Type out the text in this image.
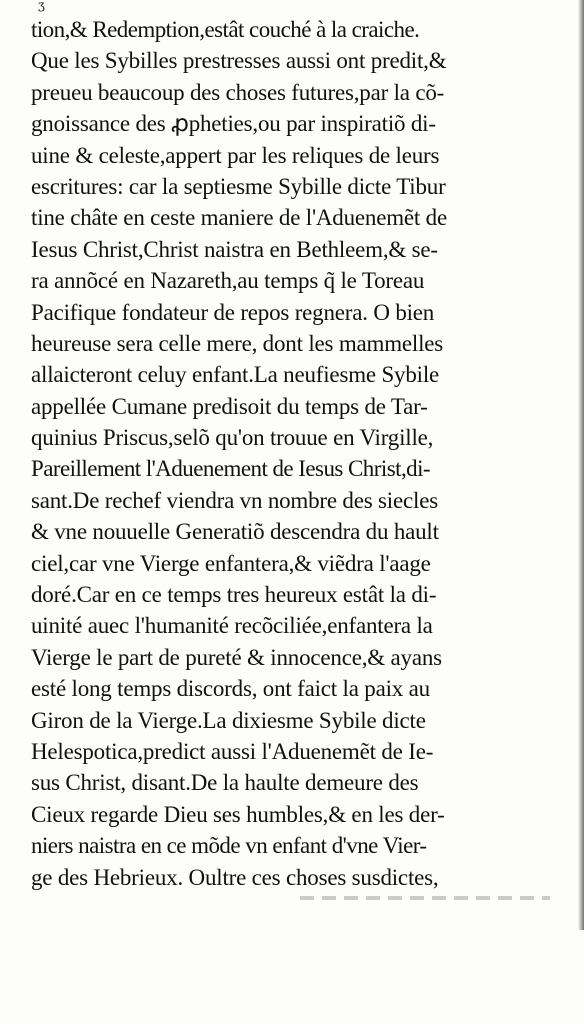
ʒ
tion,& Redemption,estât couché à la craiche.
Que les Sybilles prestresses aussi ont predit,&
preueu beaucoup des choses futures,par la cõ-
gnoissance des ꝓpheties,ou par inspiratiõ di-
uine & celeste,appert par les reliques de leurs
escritures: car la septiesme Sybille dicte Tibur
tine châte en ceste maniere de l'Aduenemẽt de
Iesus Christ,Christ naistra en Bethleem,& se-
ra annõcé en Nazareth,au temps q̃ le Toreau
Pacifique fondateur de repos regnera. O bien
heureuse sera celle mere, dont les mammelles
allaicteront celuy enfant.La neufiesme Sybile
appellée Cumane predisoit du temps de Tar-
quinius Priscus,selõ qu'on trouue en Virgille,
Pareillement l'Aduenement de Iesus Christ,di-
sant.De rechef viendra vn nombre des siecles
& vne nouuelle Generatiõ descendra du hault
ciel,car vne Vierge enfantera,& viẽdra l'aage
doré.Car en ce temps tres heureux estât la di-
uinité auec l'humanité recõciliée,enfantera la
Vierge le part de pureté & innocence,& ayans
esté long temps discords, ont faict la paix au
Giron de la Vierge.La dixiesme Sybile dicte
Helespotica,predict aussi l'Aduenemẽt de Ie-
sus Christ, disant.De la haulte demeure des
Cieux regarde Dieu ses humbles,& en les der-
niers naistra en ce mõde vn enfant d'vne Vier-
ge des Hebrieux. Oultre ces choses susdictes,
